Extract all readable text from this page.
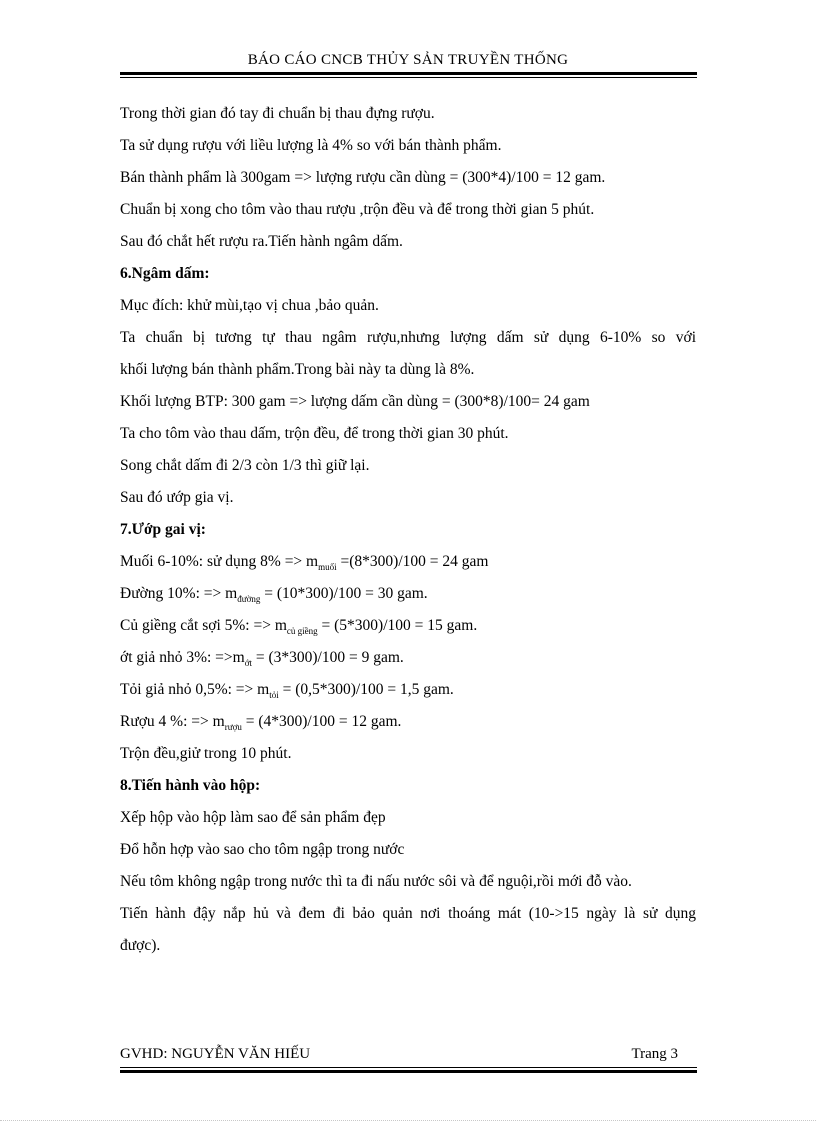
BÁO CÁO CNCB THỦY SẢN TRUYỀN THỐNG
Trong thời gian đó tay đi chuẩn bị thau đựng rượu.
Ta sử dụng rượu với liều lượng là 4% so với bán thành phẩm.
Bán thành phẩm là 300gam => lượng rượu cần dùng = (300*4)/100 = 12 gam.
Chuẩn bị xong cho tôm vào thau rượu ,trộn đều và để trong thời gian 5 phút.
Sau đó chắt hết rượu ra.Tiến hành ngâm dấm.
6.Ngâm dấm:
Mục đích: khử mùi,tạo vị chua ,bảo quản.
Ta chuẩn bị tương tự thau ngâm rượu,nhưng lượng dấm sử dụng 6-10% so với
khối lượng bán thành phẩm.Trong bài này ta dùng là 8%.
Khối lượng BTP: 300 gam => lượng dấm cần dùng = (300*8)/100= 24 gam
Ta cho tôm vào thau dấm, trộn đều, để trong thời gian 30 phút.
Song chắt dấm đi 2/3 còn 1/3 thì giữ lại.
Sau đó ướp gia vị.
7.Ướp gai vị:
Muối 6-10%: sử dụng $8\% => m_{muối} =(8*300)/100 = 24$ gam
Đường 10%: => $m_{đường} = (10*300)/100 = 30$ gam.
Củ giềng cắt sợi 5%: => $m_{củ giềng} = (5*300)/100 = 15$ gam.
ớt giả nhỏ 3%: $=>m_{ớt} = (3*300)/100 = 9$ gam.
Tỏi giả nhỏ 0,5%: => $m_{tỏi} = (0,5*300)/100 = 1,5$ gam.
Rượu 4 %: => $m_{rượu} = (4*300)/100 = 12$ gam.
Trộn đều,giử trong 10 phút.
8.Tiến hành vào hộp:
Xếp hộp vào hộp làm sao để sản phẩm đẹp
Đổ hỗn hợp vào sao cho tôm ngập trong nước
Nếu tôm không ngập trong nước thì ta đi nấu nước sôi và để nguội,rồi mới đỗ vào.
Tiến hành đậy nắp hủ và đem đi bảo quản nơi thoáng mát (10->15 ngày là sử dụng
được).
GVHD: NGUYỄN VĂN HIẾU	Trang 3
